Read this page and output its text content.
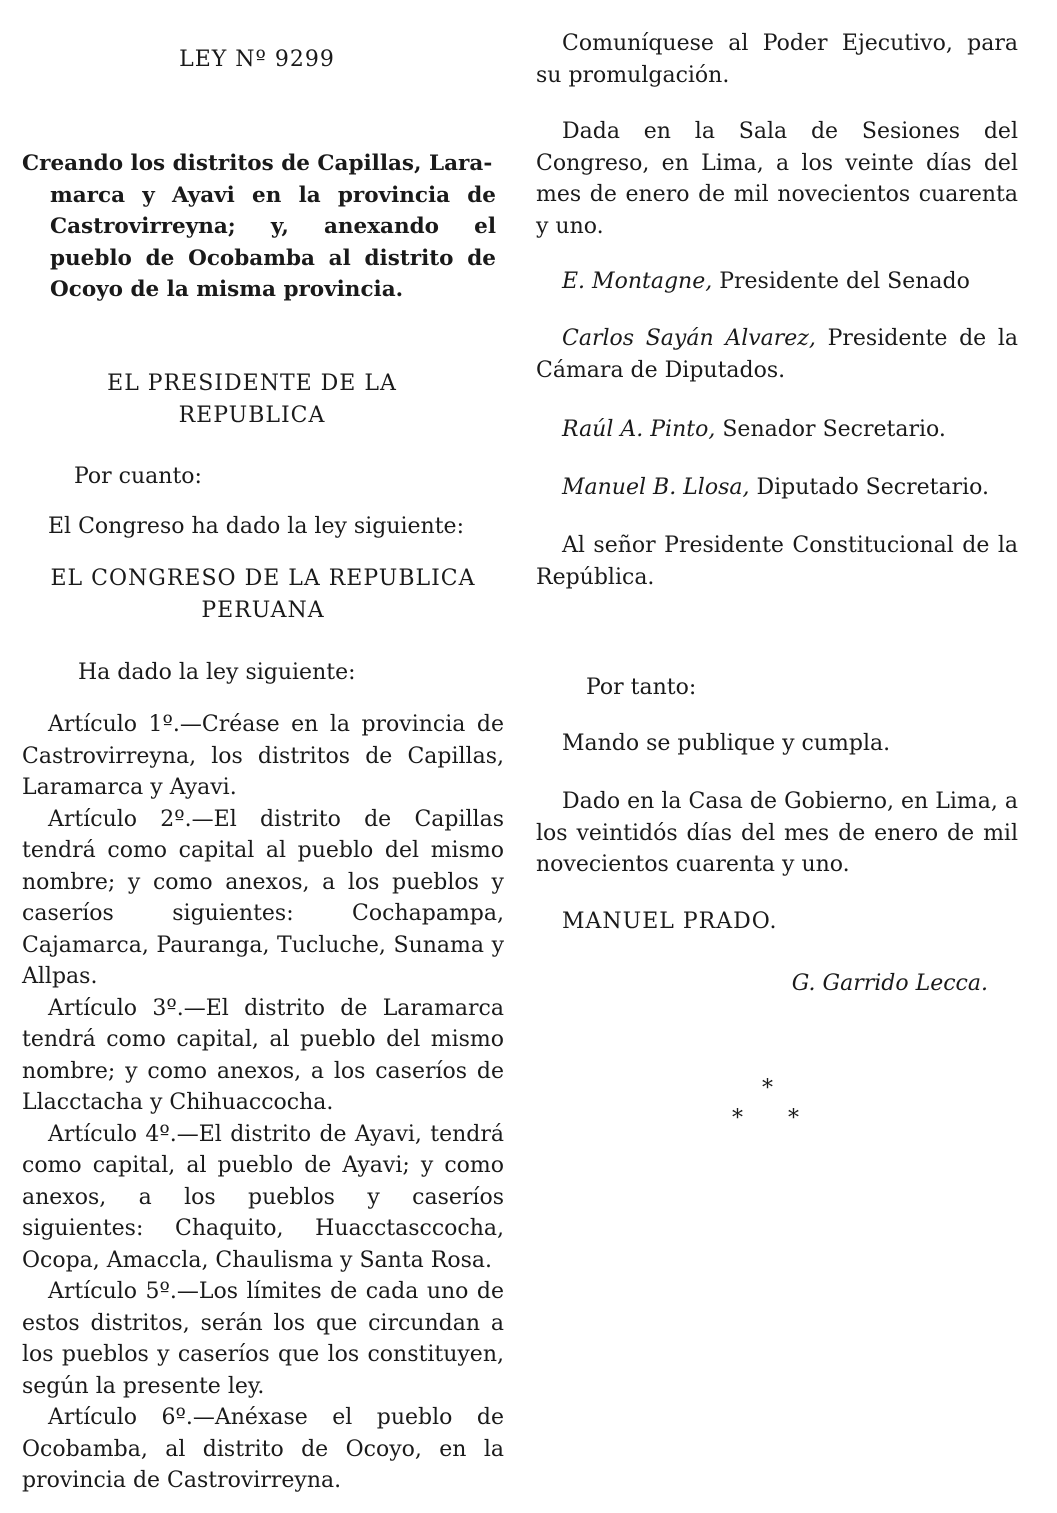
LEY Nº 9299

Creando los distritos de Capillas, Lara-
marca y Ayavi en la provincia de Castrovirreyna; y, anexando el pueblo de Ocobamba al distrito de Ocoyo de la misma provincia.

EL PRESIDENTE DE LA

REPUBLICA

Por cuanto:

El Congreso ha dado la ley siguiente:

EL CONGRESO DE LA REPUBLICA

PERUANA

Ha dado la ley siguiente:

Artículo 1º.—Créase en la provincia de Castrovirreyna, los distritos de Capillas, Laramarca y Ayavi.

Artículo 2º.—El distrito de Capillas tendrá como capital al pueblo del mismo nombre; y como anexos, a los pueblos y caseríos siguientes: Cochapampa, Cajamarca, Pauranga, Tucluche, Sunama y Allpas.

Artículo 3º.—El distrito de Laramarca tendrá como capital, al pueblo del mismo nombre; y como anexos, a los caseríos de Llacctacha y Chihuaccocha.

Artículo 4º.—El distrito de Ayavi, tendrá como capital, al pueblo de Ayavi; y como anexos, a los pueblos y caseríos siguientes: Chaquito, Huacctasccocha, Ocopa, Amaccla, Chaulisma y Santa Rosa.

Artículo 5º.—Los límites de cada uno de estos distritos, serán los que circundan a los pueblos y caseríos que los constituyen, según la presente ley.

Artículo 6º.—Anéxase el pueblo de Ocobamba, al distrito de Ocoyo, en la provincia de Castrovirreyna.

Comuníquese al Poder Ejecutivo, para su promulgación.

Dada en la Sala de Sesiones del Congreso, en Lima, a los veinte días del mes de enero de mil novecientos cuarenta y uno.

E. Montagne, Presidente del Senado

Carlos Sayán Alvarez, Presidente de la Cámara de Diputados.

Raúl A. Pinto, Senador Secretario.

Manuel B. Llosa, Diputado Secretario.

Al señor Presidente Constitucional de la República.

Por tanto:

Mando se publique y cumpla.

Dado en la Casa de Gobierno, en Lima, a los veintidós días del mes de enero de mil novecientos cuarenta y uno.

MANUEL PRADO.

G. Garrido Lecca.

*
* *
